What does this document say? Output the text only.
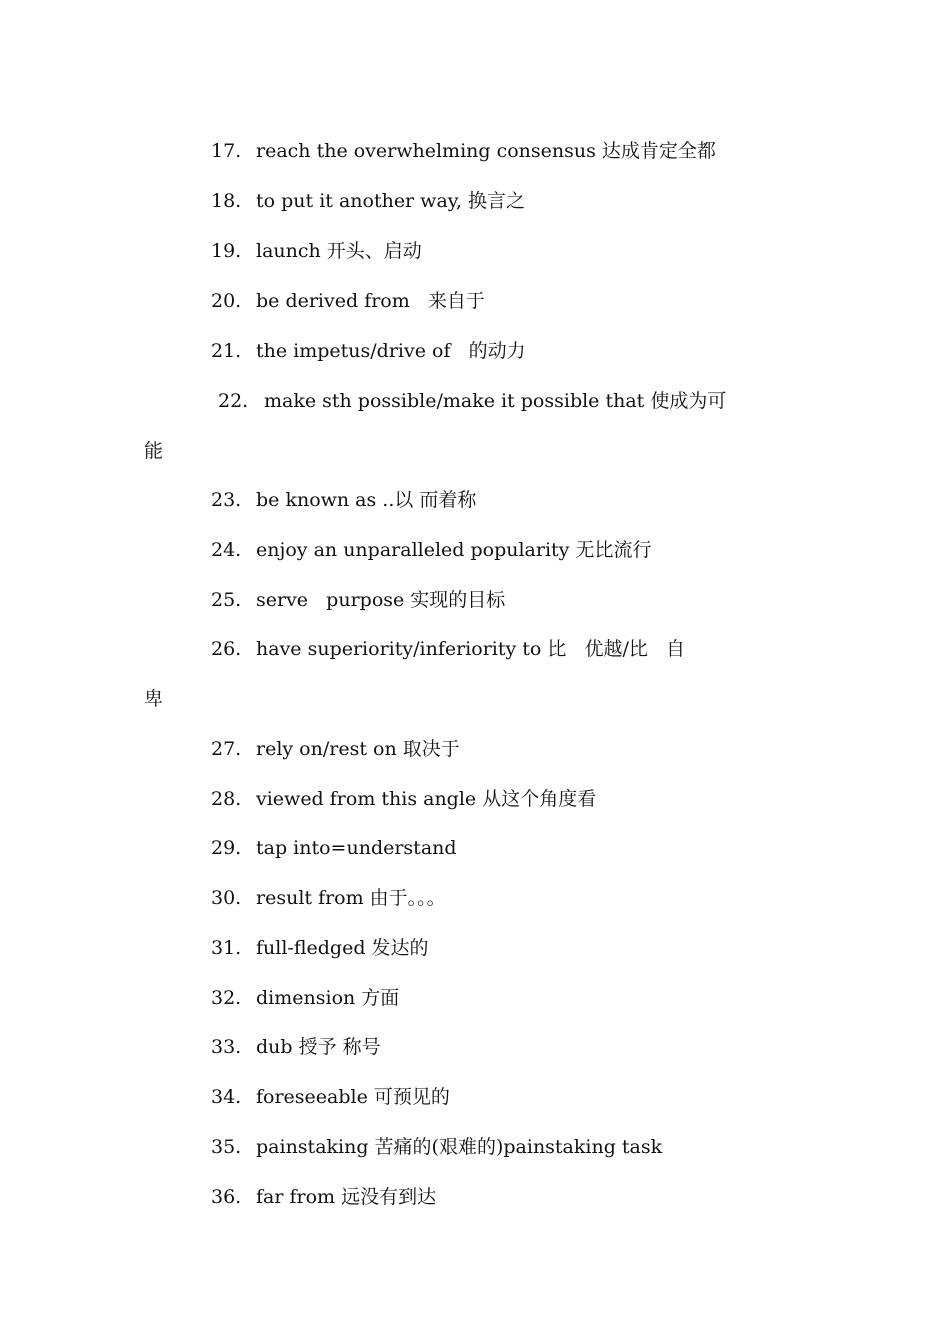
17.

reach the overwhelming consensus 达成肯定全都

18.

to put it another way, 换言之

19.

launch 开头、启动

20.

be derived from   来自于

21.

the impetus/drive of   的动力

22.

make sth possible/make it possible that 使成为可

能

23.

be known as ..以 而着称

24.

enjoy an unparalleled popularity 无比流行

25.

serve   purpose 实现的目标

26.

have superiority/inferiority to 比   优越/比   自

卑

27.

rely on/rest on 取决于

28.

viewed from this angle 从这个角度看

29.

tap into=understand

30.

result from 由于。。。

31.

full-fledged 发达的

32.

dimension 方面

33.

dub 授予 称号

34.

foreseeable 可预见的

35.

painstaking 苦痛的(艰难的)painstaking task

36.

far from 远没有到达
